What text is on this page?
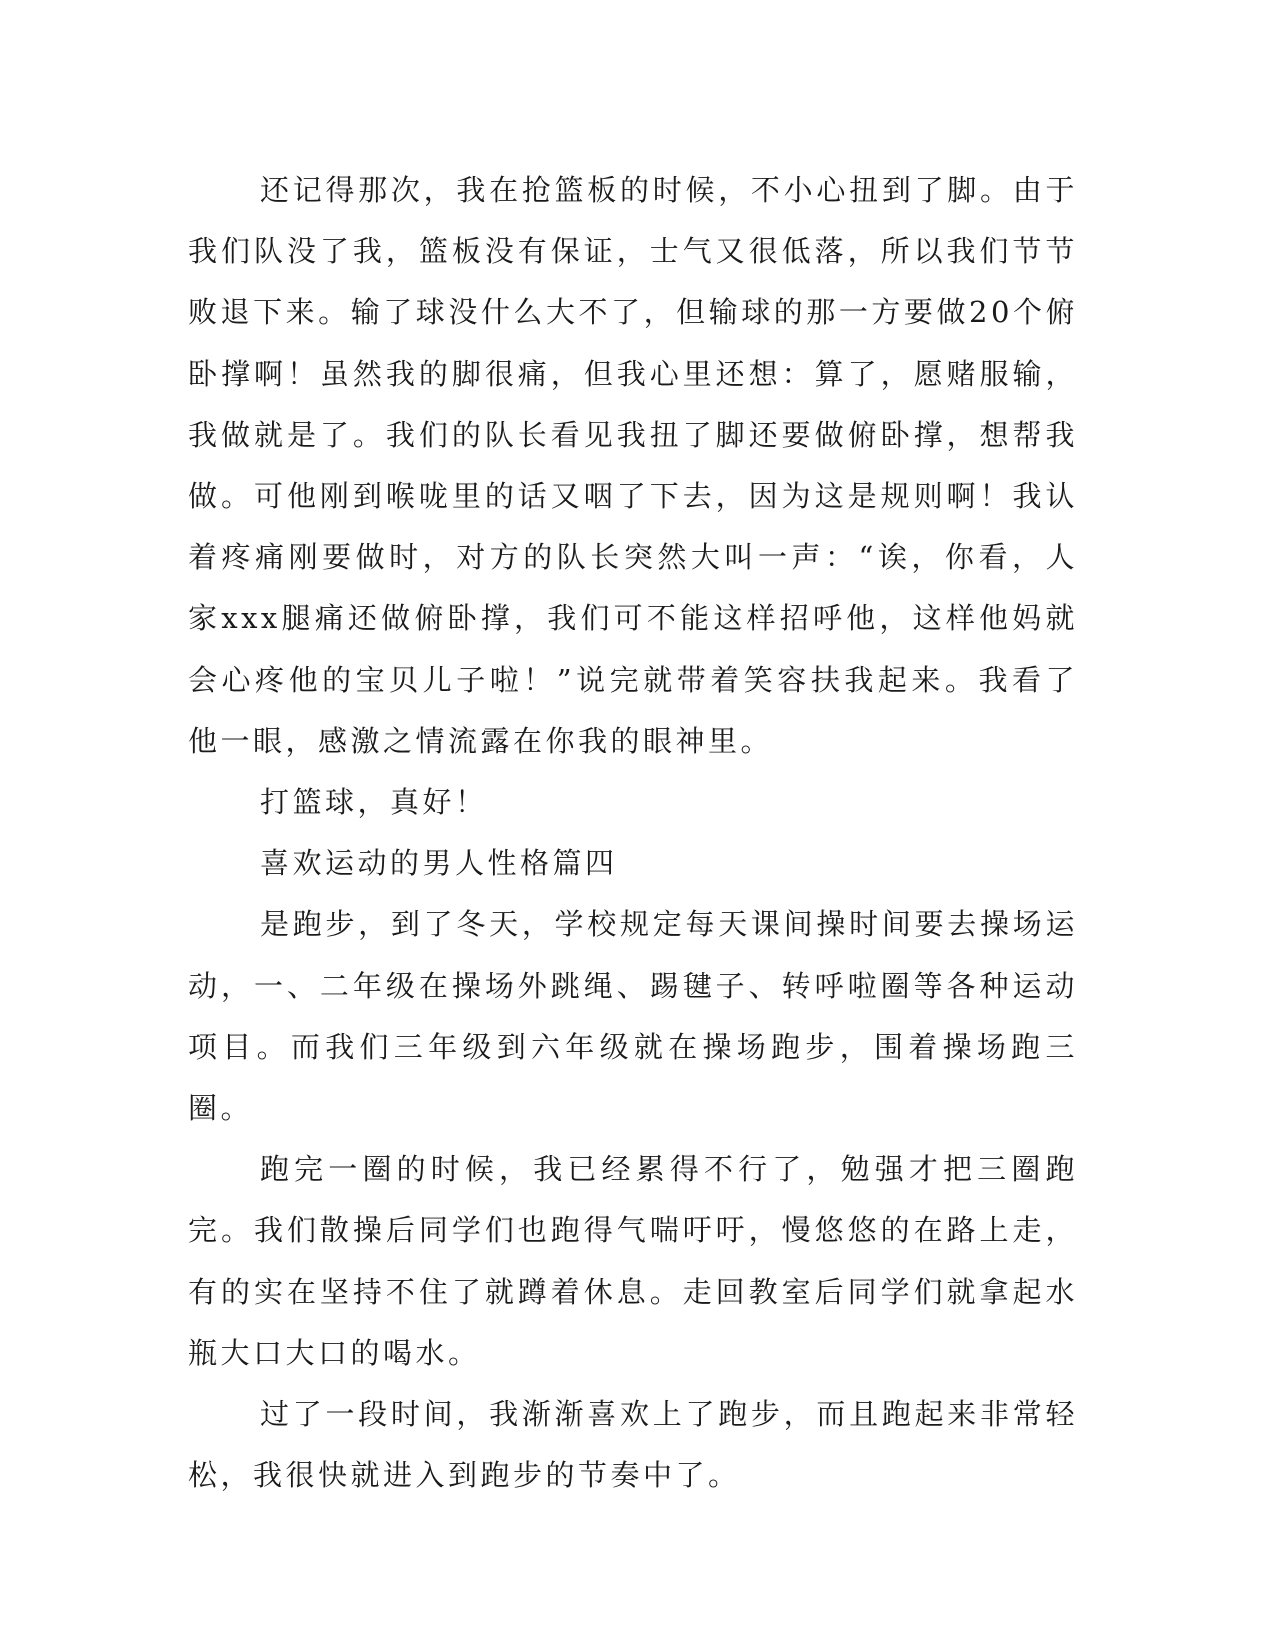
还记得那次，我在抢篮板的时候，不小心扭到了脚。由于我们队没了我，篮板没有保证，士气又很低落，所以我们节节败退下来。输了球没什么大不了，但输球的那一方要做20个俯卧撑啊！虽然我的脚很痛，但我心里还想：算了，愿赌服输，我做就是了。我们的队长看见我扭了脚还要做俯卧撑，想帮我做。可他刚到喉咙里的话又咽了下去，因为这是规则啊！我认着疼痛刚要做时，对方的队长突然大叫一声：“诶，你看，人家xxx腿痛还做俯卧撑，我们可不能这样招呼他，这样他妈就会心疼他的宝贝儿子啦！”说完就带着笑容扶我起来。我看了他一眼，感激之情流露在你我的眼神里。

打篮球，真好！

喜欢运动的男人性格篇四

是跑步，到了冬天，学校规定每天课间操时间要去操场运动，一、二年级在操场外跳绳、踢毽子、转呼啦圈等各种运动项目。而我们三年级到六年级就在操场跑步，围着操场跑三圈。

跑完一圈的时候，我已经累得不行了，勉强才把三圈跑完。我们散操后同学们也跑得气喘吁吁，慢悠悠的在路上走，有的实在坚持不住了就蹲着休息。走回教室后同学们就拿起水瓶大口大口的喝水。

过了一段时间，我渐渐喜欢上了跑步，而且跑起来非常轻松，我很快就进入到跑步的节奏中了。
